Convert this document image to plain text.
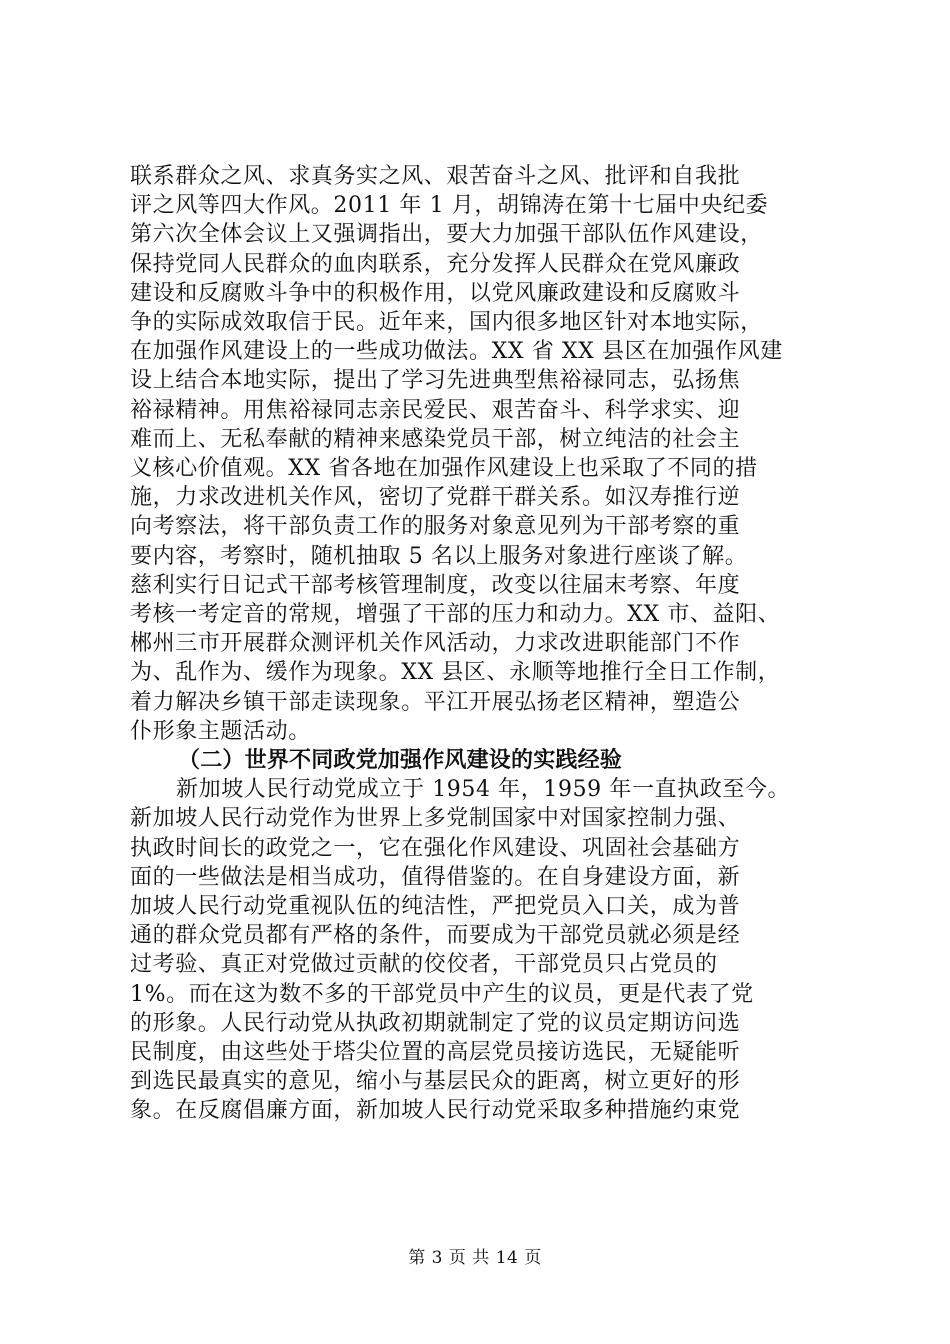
联系群众之风、求真务实之风、艰苦奋斗之风、批评和自我批
评之风等四大作风。2011 年 1 月，胡锦涛在第十七届中央纪委
第六次全体会议上又强调指出，要大力加强干部队伍作风建设，
保持党同人民群众的血肉联系，充分发挥人民群众在党风廉政
建设和反腐败斗争中的积极作用，以党风廉政建设和反腐败斗
争的实际成效取信于民。近年来，国内很多地区针对本地实际，
在加强作风建设上的一些成功做法。XX 省 XX 县区在加强作风建
设上结合本地实际，提出了学习先进典型焦裕禄同志，弘扬焦
裕禄精神。用焦裕禄同志亲民爱民、艰苦奋斗、科学求实、迎
难而上、无私奉献的精神来感染党员干部，树立纯洁的社会主
义核心价值观。XX 省各地在加强作风建设上也采取了不同的措
施，力求改进机关作风，密切了党群干群关系。如汉寿推行逆
向考察法，将干部负责工作的服务对象意见列为干部考察的重
要内容，考察时，随机抽取 5 名以上服务对象进行座谈了解。
慈利实行日记式干部考核管理制度，改变以往届末考察、年度
考核一考定音的常规，增强了干部的压力和动力。XX 市、益阳、
郴州三市开展群众测评机关作风活动，力求改进职能部门不作
为、乱作为、缓作为现象。XX 县区、永顺等地推行全日工作制，
着力解决乡镇干部走读现象。平江开展弘扬老区精神，塑造公
仆形象主题活动。
（二）世界不同政党加强作风建设的实践经验
新加坡人民行动党成立于 1954 年，1959 年一直执政至今。
新加坡人民行动党作为世界上多党制国家中对国家控制力强、
执政时间长的政党之一，它在强化作风建设、巩固社会基础方
面的一些做法是相当成功，值得借鉴的。在自身建设方面，新
加坡人民行动党重视队伍的纯洁性，严把党员入口关，成为普
通的群众党员都有严格的条件，而要成为干部党员就必须是经
过考验、真正对党做过贡献的佼佼者，干部党员只占党员的
1%。而在这为数不多的干部党员中产生的议员，更是代表了党
的形象。人民行动党从执政初期就制定了党的议员定期访问选
民制度，由这些处于塔尖位置的高层党员接访选民，无疑能听
到选民最真实的意见，缩小与基层民众的距离，树立更好的形
象。在反腐倡廉方面，新加坡人民行动党采取多种措施约束党
第 3 页 共 14 页
